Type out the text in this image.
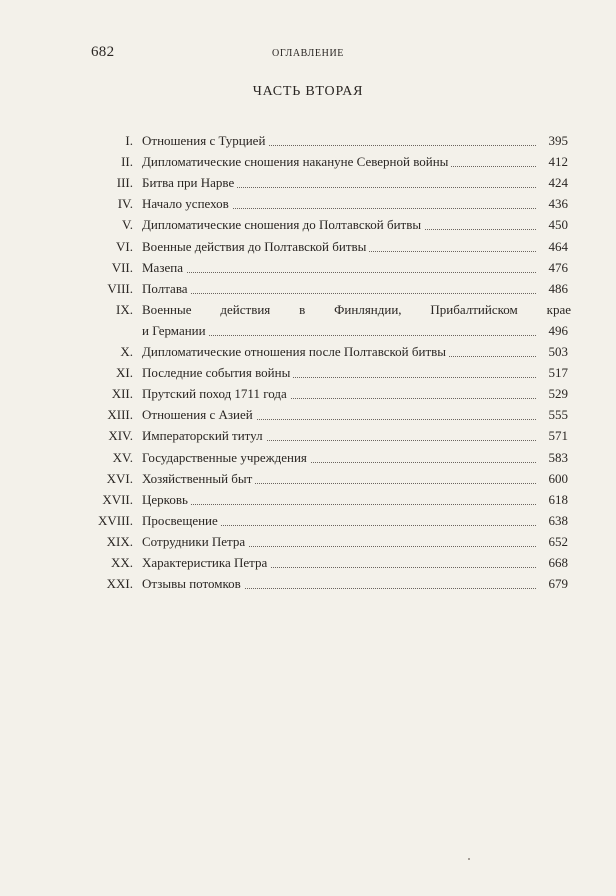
682	ОГЛАВЛЕНИЕ
ЧАСТЬ ВТОРАЯ
I. Отношения с Турцией	395
II. Дипломатические сношения накануне Северной войны	412
III. Битва при Нарве	424
IV. Начало успехов	436
V. Дипломатические сношения до Полтавской битвы	450
VI. Военные действия до Полтавской битвы	464
VII. Мазепа	476
VIII. Полтава	486
IX. Военные действия в Финляндии, Прибалтийском крае
и Германии	496
X. Дипломатические отношения после Полтавской битвы	503
XI. Последние события войны	517
XII. Прутский поход 1711 года	529
XIII. Отношения с Азией	555
XIV. Императорский титул	571
XV. Государственные учреждения	583
XVI. Хозяйственный быт	600
XVII. Церковь	618
XVIII. Просвещение	638
XIX. Сотрудники Петра	652
XX. Характеристика Петра	668
XXI. Отзывы потомков	679
